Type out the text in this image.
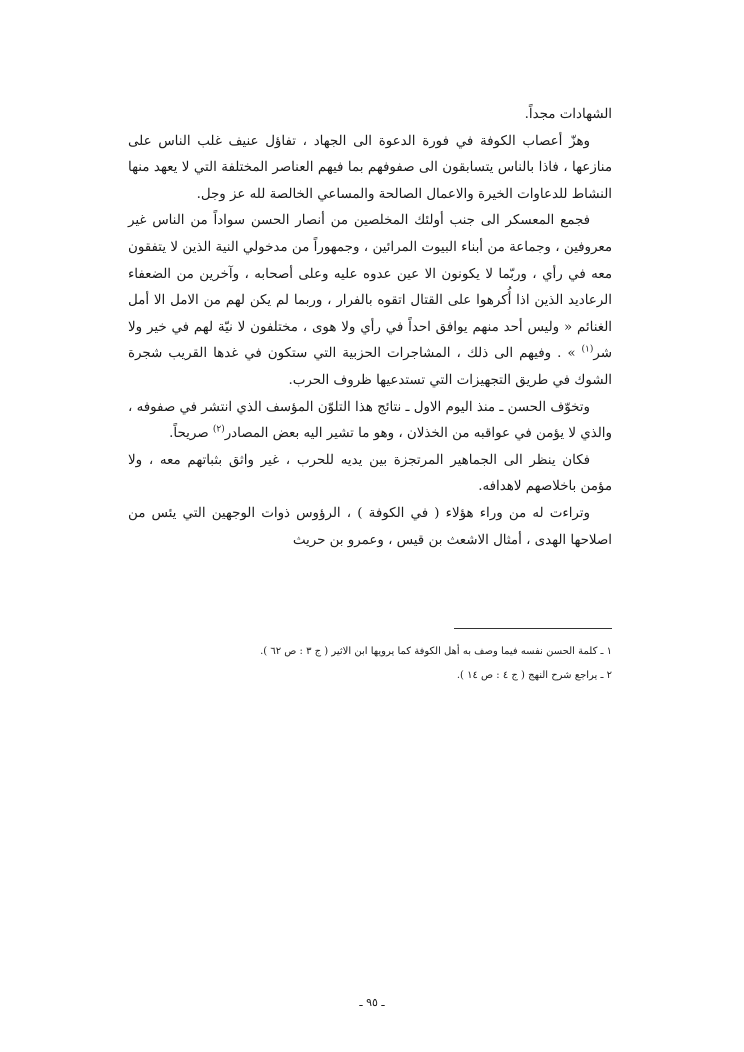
الشهادات مجداً.

وهزّ أعصاب الكوفة في فورة الدعوة الى الجهاد ، تفاؤل عنيف غلب الناس على منازعها ، فاذا بالناس يتسابقون الى صفوفهم بما فيهم العناصر المختلفة التي لا يعهد منها النشاط للدعاوات الخيرة والاعمال الصالحة والمساعي الخالصة لله عز وجل.

فجمع المعسكر الى جنب أولئك المخلصين من أنصار الحسن سواداً من الناس غير معروفين ، وجماعة من أبناء البيوت المرائين ، وجمهوراً من مدخولي النية الذين لا يتفقون معه في رأي ، وربّما لا يكونون الا عين عدوه عليه وعلى أصحابه ، وآخرين من الضعفاء الرعاديد الذين اذا أُكرهوا على القتال اتقوه بالفرار ، وربما لم يكن لهم من الامل الا أمل الغنائم « وليس أحد منهم يوافق احداً في رأي ولا هوى ، مختلفون لا نيّة لهم في خير ولا شر$^{(١)}$ » . وفيهم الى ذلك ، المشاجرات الحزبية التي ستكون في غدها القريب شجرة الشوك في طريق التجهيزات التي تستدعيها ظروف الحرب.

وتخوّف الحسن ـ منذ اليوم الاول ـ نتائج هذا التلوّن المؤسف الذي انتشر في صفوفه ، والذي لا يؤمن في عواقبه من الخذلان ، وهو ما تشير اليه بعض المصادر$^{(٢)}$ صريحاً.

فكان ينظر الى الجماهير المرتجزة بين يديه للحرب ، غير واثق بثباتهم معه ، ولا مؤمن باخلاصهم لاهدافه.

وتراءت له من وراء هؤلاء ( في الكوفة ) ، الرؤوس ذوات الوجهين التي يئس من اصلاحها الهدى ، أمثال الاشعث بن قيس ، وعمرو بن حريث

١ ـ كلمة الحسن نفسه فيما وصف به أهل الكوفة كما يرويها ابن الاثير ( ج ٣ : ص ٦٢ ).

٢ ـ يراجع شرح النهج ( ج ٤ : ص ١٤ ).

ـ ٩٥ ـ
